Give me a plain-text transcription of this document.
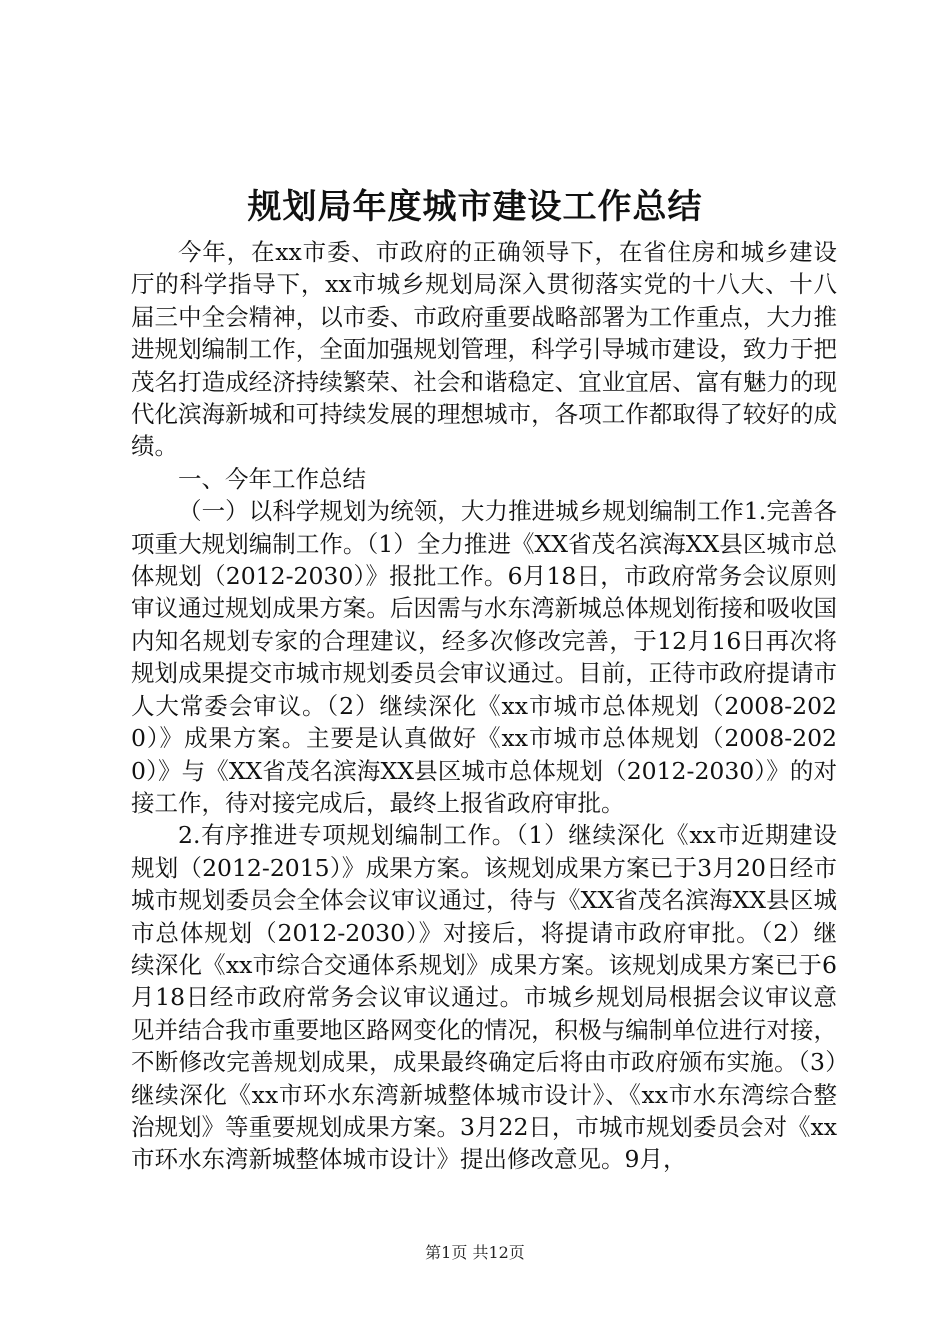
规划局年度城市建设工作总结

今年，在xx市委、市政府的正确领导下，在省住房和城乡建设厅的科学指导下，xx市城乡规划局深入贯彻落实党的十八大、十八届三中全会精神，以市委、市政府重要战略部署为工作重点，大力推进规划编制工作，全面加强规划管理，科学引导城市建设，致力于把茂名打造成经济持续繁荣、社会和谐稳定、宜业宜居、富有魅力的现代化滨海新城和可持续发展的理想城市，各项工作都取得了较好的成绩。

一、今年工作总结

（一）以科学规划为统领，大力推进城乡规划编制工作1.完善各项重大规划编制工作。（1）全力推进《XX省茂名滨海XX县区城市总体规划（2012-2030）》报批工作。6月18日，市政府常务会议原则审议通过规划成果方案。后因需与水东湾新城总体规划衔接和吸收国内知名规划专家的合理建议，经多次修改完善，于12月16日再次将规划成果提交市城市规划委员会审议通过。目前，正待市政府提请市人大常委会审议。（2）继续深化《xx市城市总体规划（2008-2020）》成果方案。主要是认真做好《xx市城市总体规划（2008-2020）》与《XX省茂名滨海XX县区城市总体规划（2012-2030）》的对接工作，待对接完成后，最终上报省政府审批。

2.有序推进专项规划编制工作。（1）继续深化《xx市近期建设规划（2012-2015）》成果方案。该规划成果方案已于3月20日经市城市规划委员会全体会议审议通过，待与《XX省茂名滨海XX县区城市总体规划（2012-2030）》对接后，将提请市政府审批。（2）继续深化《xx市综合交通体系规划》成果方案。该规划成果方案已于6月18日经市政府常务会议审议通过。市城乡规划局根据会议审议意见并结合我市重要地区路网变化的情况，积极与编制单位进行对接，不断修改完善规划成果，成果最终确定后将由市政府颁布实施。（3）继续深化《xx市环水东湾新城整体城市设计》、《xx市水东湾综合整治规划》等重要规划成果方案。3月22日，市城市规划委员会对《xx市环水东湾新城整体城市设计》提出修改意见。9月，

第1页 共12页
